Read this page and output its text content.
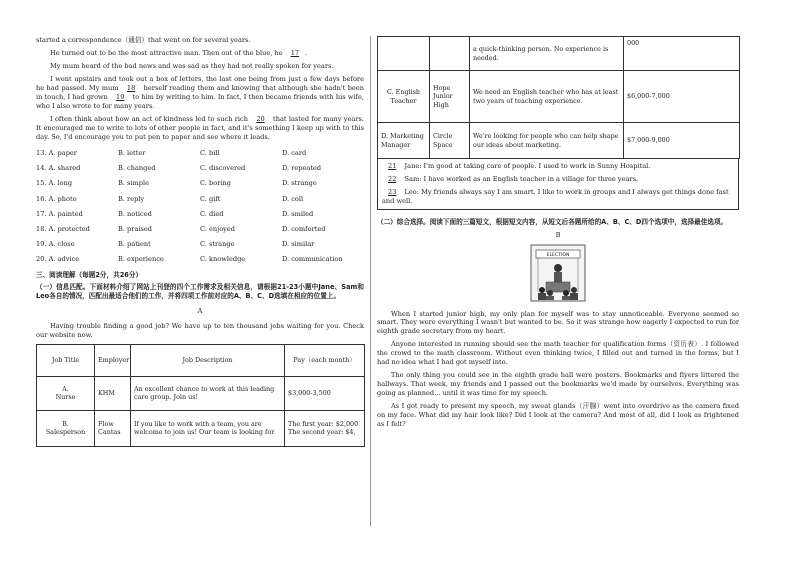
started a correspondence（通信）that went on for several years.

He turned out to be the most attractive man. Then out of the blue, he 17 .

My mum heard of the bad news and was sad as they had not really spoken for years.

I went upstairs and took out a box of letters, the last one being from just a few days before he had passed. My mum 18 herself reading them and knowing that although she hadn't been in touch, I had grown 19 to him by writing to him. In fact, I then became friends with his wife, who I also wrote to for many years.

I often think about how an act of kindness led to such rich 20 that lasted for many years. It encouraged me to write to lots of other people in fact, and it's something I keep up with to this day. So, I'd encourage you to put pen to paper and see where it leads.

13. A. paper	B. letter	C. bill	D. card
14. A. shared	B. changed	C. discovered	D. repeated
15. A. long	B. simple	C. boring	D. strange
16. A. photo	B. reply	C. gift	D. coll
17. A. painted	B. noticed	C. died	D. smiled
18. A. protected	B. praised	C. enjoyed	D. comforted
19. A. close	B. patient	C. strange	D. similar
20. A. advice	B. experience	C. knowledge	D. communication
三、阅读理解（每题2分，共26分）

（一）信息匹配。下面材料介绍了网站上刊登的四个工作需求及相关信息，请根据21-23小题中Jane、Sam和Leo各自的情况，匹配出最适合他们的工作，并将四项工作前对应的A、B、C、D选填在相应的位置上。

A

Having trouble finding a good job? We have up to ten thousand jobs waiting for you. Check our website now.

Job Title	Employer	Job Description	Pay（each month）

A.
Nurse	KHM	An excellent chance to work at this leading care group. Join us!	$3,000-3,500

B.
Salesperson	Flow Cantas	If you like to work with a team, you are welcome to join us! Our team is looking for	The first year: $2,000 The second year: $4,
		a quick-thinking person. No experience is needed.	000
C. English Teacher	Hope Junior High	We need an English teacher who has at least two years of teaching experience.	$6,000-7,000
D. Marketing Manager	Circle Space	We're looking for people who can help shape our ideas about marketing.	$7,000-9,000
21 Jane: I'm good at taking care of people. I used to work in Sunny Hospital.
22 Sam: I have worked as an English teacher in a village for three years.
23 Leo: My friends always say I am smart. I like to work in groups and I always get things done fast and well.

（二）综合选择。阅读下面的三篇短文，根据短文内容，从短文后各题所给的A、B、C、D四个选项中，选择最佳选项。

B
ELECTION

When I started junior high, my only plan for myself was to stay unnoticeable. Everyone seemed so smart. They were everything I wasn't but wanted to be. So it was strange how eagerly I expected to run for eighth grade secretary from my heart.

Anyone interested in running should see the math teacher for qualification forms（资历表）. I followed the crowd to the math classroom. Without even thinking twice, I filled out and turned in the forms, but I had no idea what I had got myself into.

The only thing you could see in the eighth grade hall were posters. Bookmarks and flyers littered the hallways. That week, my friends and I passed out the bookmarks we'd made by ourselves. Everything was going as planned... until it was time for my speech.

As I got ready to present my speech, my sweat glands（汗腺）went into overdrive as the camera fixed on my face. What did my hair look like? Did I look at the camera? And most of all, did I look as frightened as I felt?
